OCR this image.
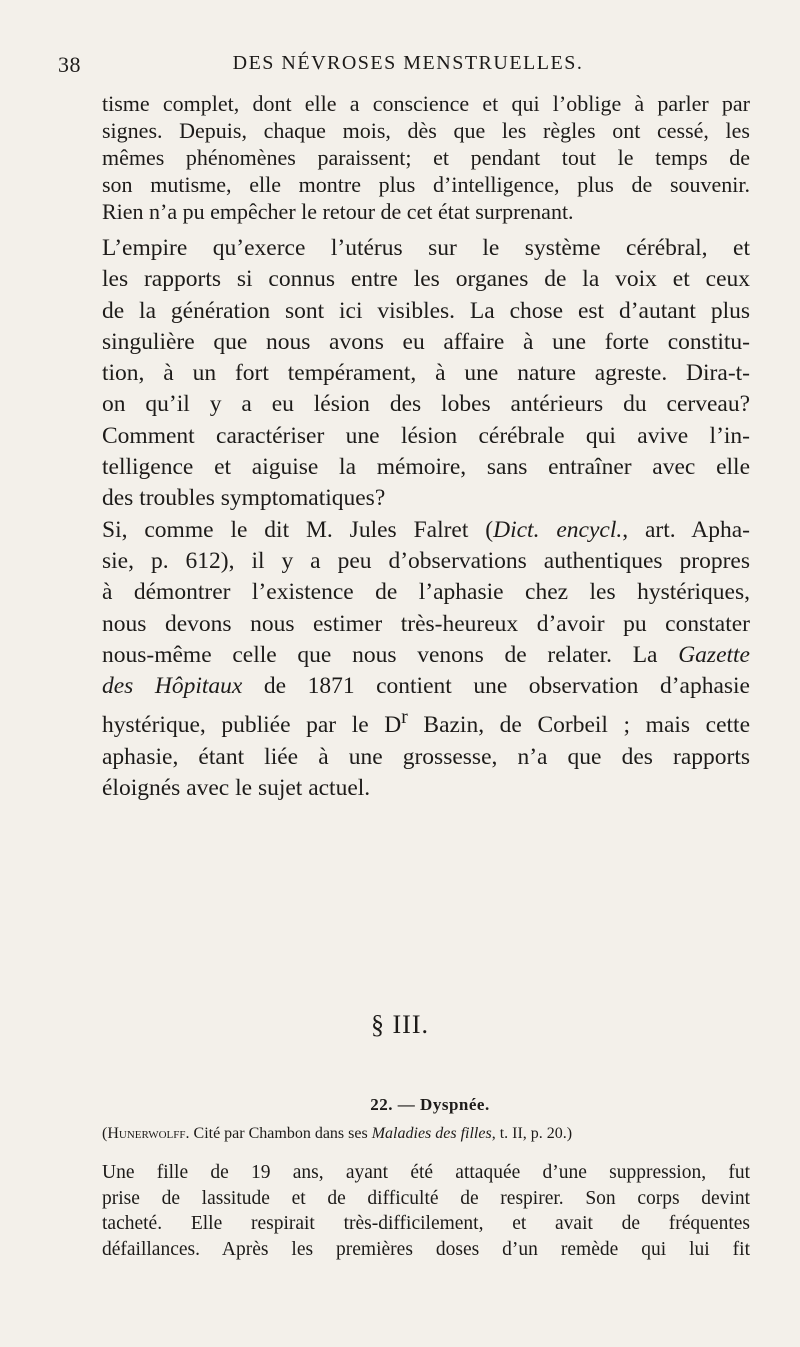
38	DES NÉVROSES MENSTRUELLES.
tisme complet, dont elle a conscience et qui l’oblige à parler par
signes. Depuis, chaque mois, dès que les règles ont cessé, les
mêmes phénomènes paraissent; et pendant tout le temps de
son mutisme, elle montre plus d’intelligence, plus de souvenir.
Rien n’a pu empêcher le retour de cet état surprenant.
L’empire qu’exerce l’utérus sur le système cérébral, et
les rapports si connus entre les organes de la voix et ceux
de la génération sont ici visibles. La chose est d’autant plus
singulière que nous avons eu affaire à une forte constitu-
tion, à un fort tempérament, à une nature agreste. Dira-t-
on qu’il y a eu lésion des lobes antérieurs du cerveau?
Comment caractériser une lésion cérébrale qui avive l’in-
telligence et aiguise la mémoire, sans entraîner avec elle
des troubles symptomatiques?
Si, comme le dit M. Jules Falret (Dict. encycl., art. Apha-
sie, p. 612), il y a peu d’observations authentiques propres
à démontrer l’existence de l’aphasie chez les hystériques,
nous devons nous estimer très-heureux d’avoir pu constater
nous-même celle que nous venons de relater. La Gazette
des Hôpitaux de 1871 contient une observation d’aphasie
hystérique, publiée par le $D^r$ Bazin, de Corbeil ; mais cette
aphasie, étant liée à une grossesse, n’a que des rapports
éloignés avec le sujet actuel.
§ III.
22. — Dyspnée.
(Hunerwolff. Cité par Chambon dans ses Maladies des filles, t. II, p. 20.)
Une fille de 19 ans, ayant été attaquée d’une suppression, fut
prise de lassitude et de difficulté de respirer. Son corps devint
tacheté. Elle respirait très-difficilement, et avait de fréquentes
défaillances. Après les premières doses d’un remède qui lui fit
